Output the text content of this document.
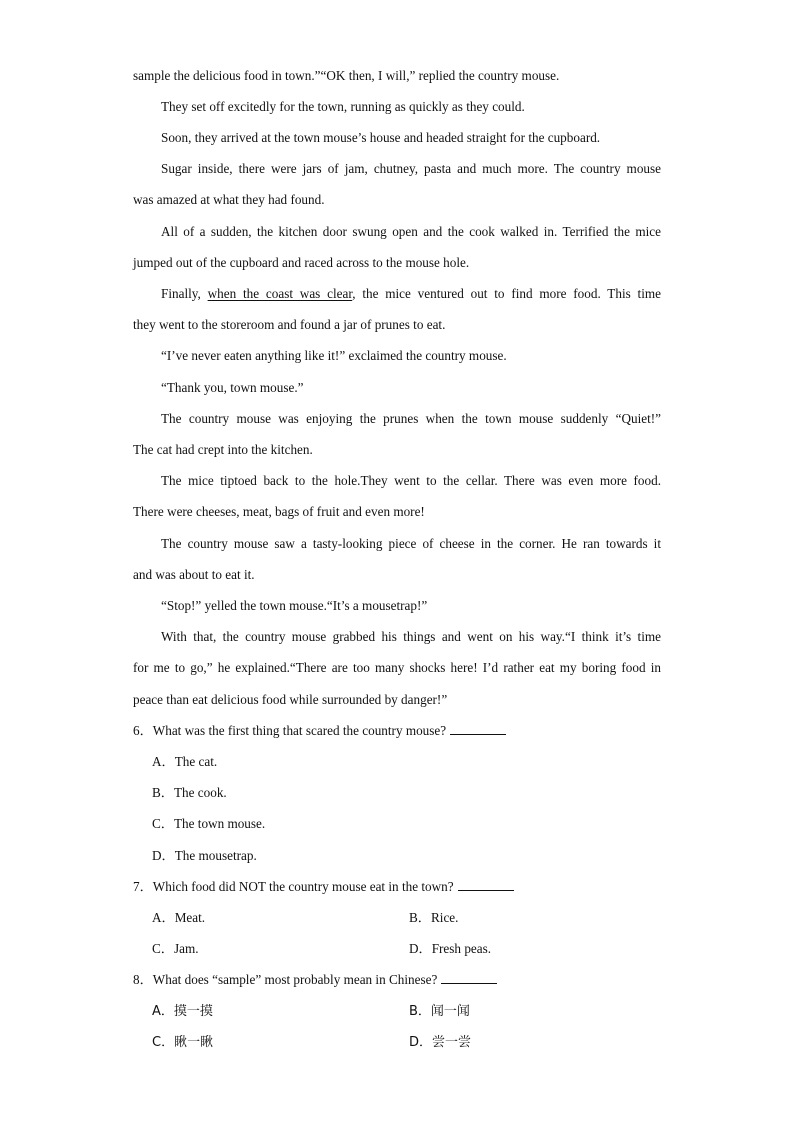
sample the delicious food in town.”“OK then, I will,” replied the country mouse.
They set off excitedly for the town, running as quickly as they could.
Soon, they arrived at the town mouse’s house and headed straight for the cupboard.
Sugar inside, there were jars of jam, chutney, pasta and much more. The country mouse
was amazed at what they had found.
All of a sudden, the kitchen door swung open and the cook walked in. Terrified the mice
jumped out of the cupboard and raced across to the mouse hole.
Finally, when the coast was clear, the mice ventured out to find more food. This time
they went to the storeroom and found a jar of prunes to eat.
“I’ve never eaten anything like it!” exclaimed the country mouse.
“Thank you, town mouse.”
The country mouse was enjoying the prunes when the town mouse suddenly “Quiet!”
The cat had crept into the kitchen.
The mice tiptoed back to the hole.They went to the cellar. There was even more food.
There were cheeses, meat, bags of fruit and even more!
The country mouse saw a tasty-looking piece of cheese in the corner. He ran towards it
and was about to eat it.
“Stop!” yelled the town mouse.“It’s a mousetrap!”
With that, the country mouse grabbed his things and went on his way.“I think it’s time
for me to go,” he explained.“There are too many shocks here! I’d rather eat my boring food in
peace than eat delicious food while surrounded by danger!”
6．What was the first thing that scared the country mouse?
A．The cat.
B．The cook.
C．The town mouse.
D．The mousetrap.
7．Which food did NOT the country mouse eat in the town?
A．Meat.	B．Rice.
C．Jam.	D．Fresh peas.
8．What does “sample” most probably mean in Chinese?
A．摸一摸	B．闻一闻
C．瞅一瞅	D．尝一尝
